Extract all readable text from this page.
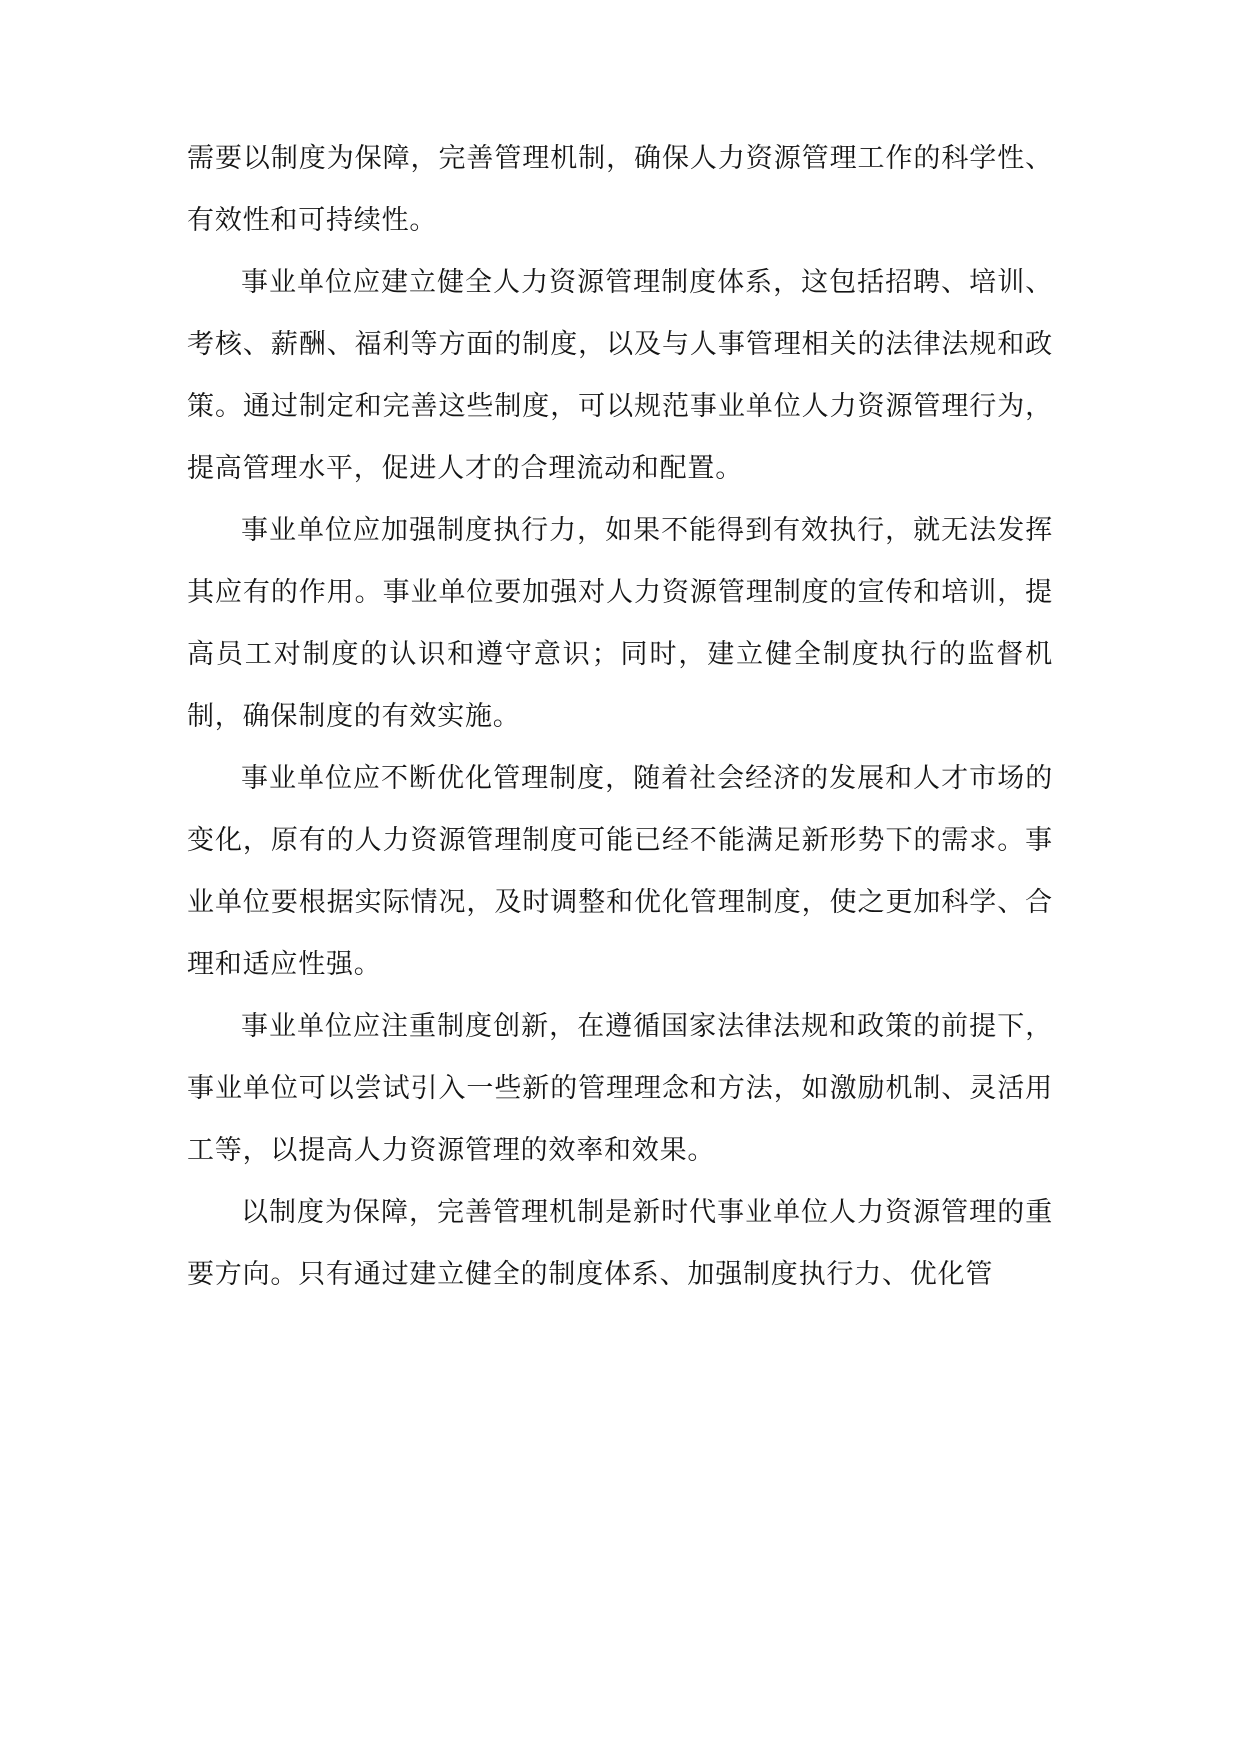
需要以制度为保障，完善管理机制，确保人力资源管理工作的科学性、有效性和可持续性。

事业单位应建立健全人力资源管理制度体系，这包括招聘、培训、考核、薪酬、福利等方面的制度，以及与人事管理相关的法律法规和政策。通过制定和完善这些制度，可以规范事业单位人力资源管理行为，提高管理水平，促进人才的合理流动和配置。

事业单位应加强制度执行力，如果不能得到有效执行，就无法发挥其应有的作用。事业单位要加强对人力资源管理制度的宣传和培训，提高员工对制度的认识和遵守意识；同时，建立健全制度执行的监督机制，确保制度的有效实施。

事业单位应不断优化管理制度，随着社会经济的发展和人才市场的变化，原有的人力资源管理制度可能已经不能满足新形势下的需求。事业单位要根据实际情况，及时调整和优化管理制度，使之更加科学、合理和适应性强。

事业单位应注重制度创新，在遵循国家法律法规和政策的前提下，事业单位可以尝试引入一些新的管理理念和方法，如激励机制、灵活用工等，以提高人力资源管理的效率和效果。

以制度为保障，完善管理机制是新时代事业单位人力资源管理的重要方向。只有通过建立健全的制度体系、加强制度执行力、优化管
